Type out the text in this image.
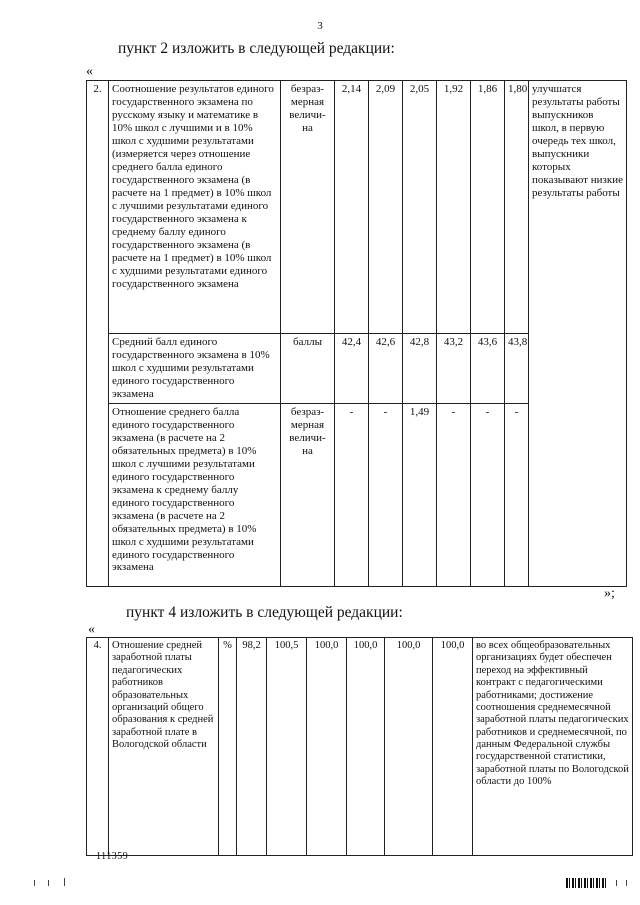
3
пункт 2 изложить в следующей редакции:
«
2.	Соотношение результатов единого государственного экзамена по русскому языку и математике в 10% школ с лучшими и в 10% школ с худшими результатами (измеряется через отношение среднего балла единого государственного экзамена (в расчете на 1 предмет) в 10% школ с лучшими результатами единого государственного экзамена к среднему баллу единого государственного экзамена (в расчете на 1 предмет) в 10% школ с худшими результатами единого государственного экзамена	безраз-мерная величи-на	2,14	2,09	2,05	1,92	1,86	1,80	улучшатся результаты работы выпускников школ, в первую очередь тех школ, выпускники которых показывают низкие результаты работы
	Средний балл единого государственного экзамена в 10% школ с худшими результатами единого государственного экзамена	баллы	42,4	42,6	42,8	43,2	43,6	43,8	
	Отношение среднего балла единого государственного экзамена (в расчете на 2 обязательных предмета) в 10% школ с лучшими результатами единого государственного экзамена к среднему баллу единого государственного экзамена (в расчете на 2 обязательных предмета) в 10% школ с худшими результатами единого государственного экзамена	безраз-мерная величи-на	-	-	1,49	-	-	-	
»;
пункт 4 изложить в следующей редакции:
«
4.	Отношение средней заработной платы педагогических работников образовательных организаций общего образования к средней заработной плате в Вологодской области	%	98,2	100,5	100,0	100,0	100,0	100,0	во всех общеобразовательных организациях будет обеспечен переход на эффективный контракт с педагогическими работниками; достижение соотношения среднемесячной заработной платы педагогических работников и среднемесячной, по данным Федеральной службы государственной статистики, заработной платы по Вологодской области до 100%
111359
